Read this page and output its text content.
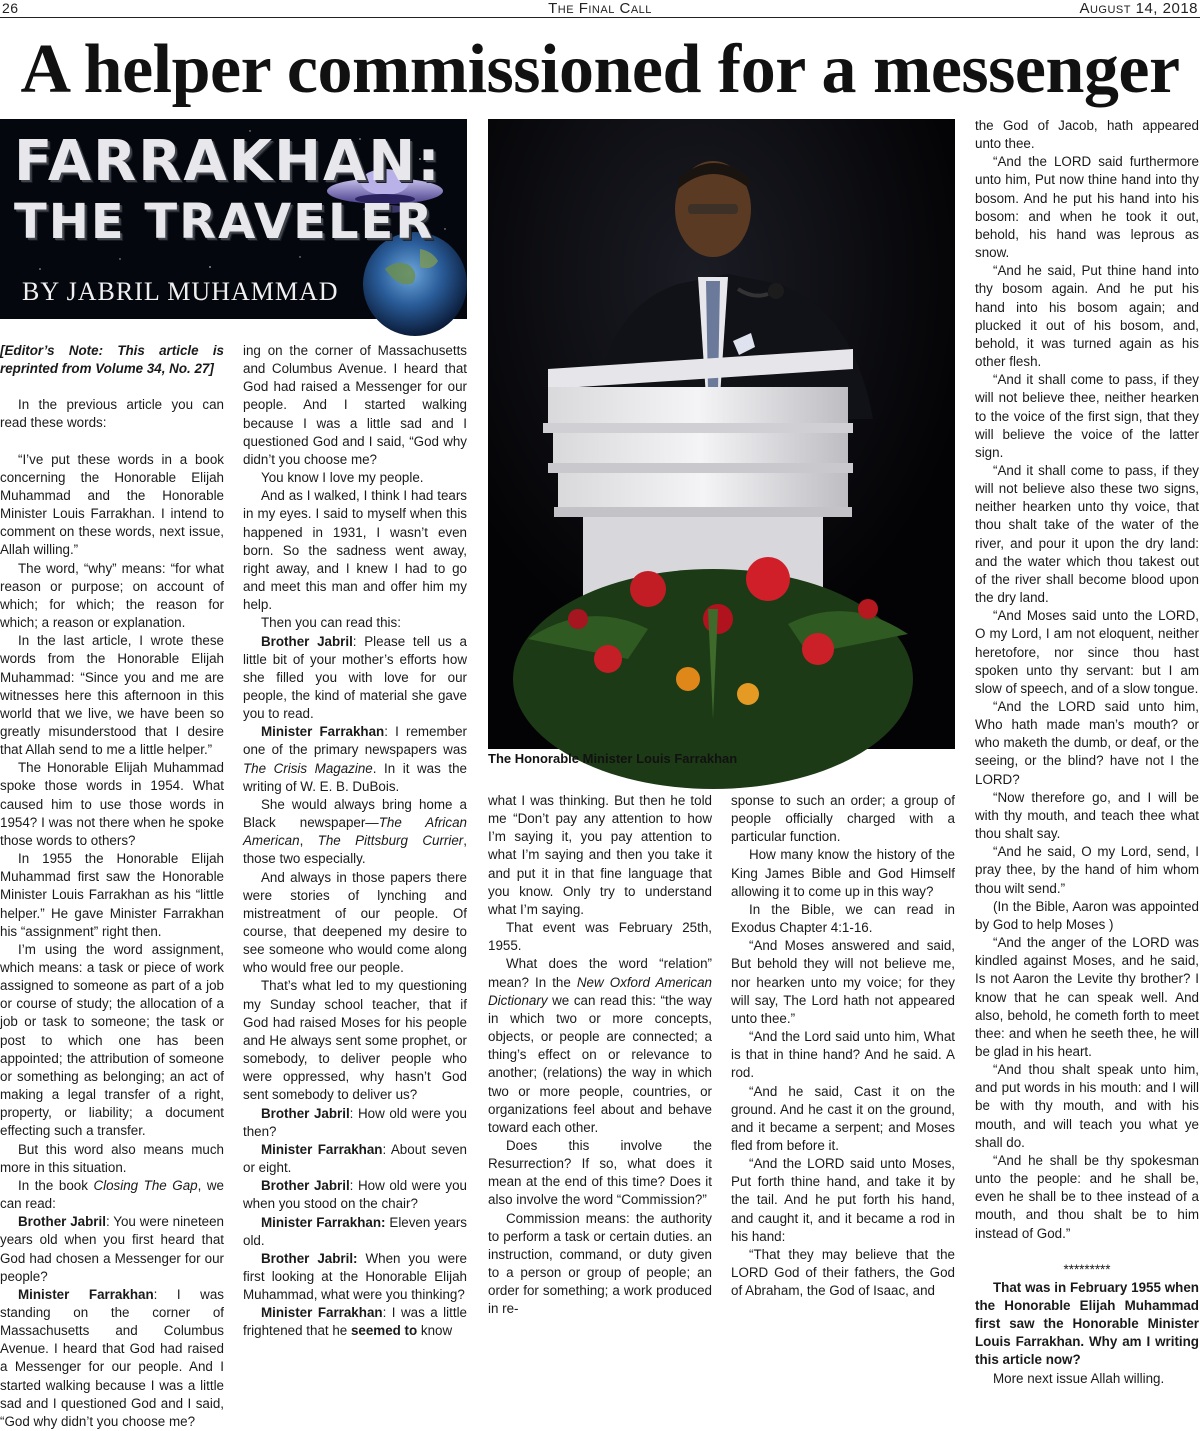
26	The Final Call	August 14, 2018
A helper commissioned for a messenger
FARRAKHAN:
THE TRAVELER
BY JABRIL MUHAMMAD
The Honorable Minister Louis Farrakhan

[Editor’s Note: This article is reprinted from Volume 34, No. 27]

In the previous article you can read these words:

“I’ve put these words in a book concerning the Honorable Elijah Muhammad and the Honorable Minister Louis Farrakhan. I intend to comment on these words, next issue, Allah willing.”

The word, “why” means: “for what reason or purpose; on account of which; for which; the reason for which; a reason or explanation.

In the last article, I wrote these words from the Honorable Elijah Muhammad: “Since you and me are witnesses here this afternoon in this world that we live, we have been so greatly misunderstood that I desire that Allah send to me a little helper.”

The Honorable Elijah Muhammad spoke those words in 1954. What caused him to use those words in 1954? I was not there when he spoke those words to others?

In 1955 the Honorable Elijah Muhammad first saw the Honorable Minister Louis Farrakhan as his “little helper.” He gave Minister Farrakhan his “assignment” right then.

I’m using the word assignment, which means: a task or piece of work assigned to someone as part of a job or course of study; the allocation of a job or task to someone; the task or post to which one has been appointed; the attribution of someone or something as belonging; an act of making a legal transfer of a right, property, or liability; a document effecting such a transfer.

But this word also means much more in this situation.

In the book Closing The Gap, we can read:

Brother Jabril: You were nineteen years old when you first heard that God had chosen a Messenger for our people?

Minister Farrakhan: I was standing on the corner of Massachusetts and Columbus Avenue. I heard that God had raised a Messenger for our people. And I started walking because I was a little sad and I questioned God and I said, “God why didn’t you choose me?

ing on the corner of Massachusetts and Columbus Avenue. I heard that God had raised a Messenger for our people. And I started walking because I was a little sad and I questioned God and I said, “God why didn’t you choose me?

You know I love my people.

And as I walked, I think I had tears in my eyes. I said to myself when this happened in 1931, I wasn’t even born. So the sadness went away, right away, and I knew I had to go and meet this man and offer him my help.

Then you can read this:

Brother Jabril: Please tell us a little bit of your mother’s efforts how she filled you with love for our people, the kind of material she gave you to read.

Minister Farrakhan: I remember one of the primary newspapers was The Crisis Magazine. In it was the writing of W. E. B. DuBois.

She would always bring home a Black newspaper—The African American, The Pittsburg Currier, those two especially.

And always in those papers there were stories of lynching and mistreatment of our people. Of course, that deepened my desire to see someone who would come along who would free our people.

That’s what led to my questioning my Sunday school teacher, that if God had raised Moses for his people and He always sent some prophet, or somebody, to deliver people who were oppressed, why hasn’t God sent somebody to deliver us?

Brother Jabril: How old were you then?

Minister Farrakhan: About seven or eight.

Brother Jabril: How old were you when you stood on the chair?

Minister Farrakhan: Eleven years old.

Brother Jabril: When you were first looking at the Honorable Elijah Muhammad, what were you thinking?

Minister Farrakhan: I was a little frightened that he seemed to know

what I was thinking. But then he told me “Don’t pay any attention to how I’m saying it, you pay attention to what I’m saying and then you take it and put it in that fine language that you know. Only try to understand what I’m saying.

That event was February 25th, 1955.

What does the word “relation” mean? In the New Oxford American Dictionary we can read this: “the way in which two or more concepts, objects, or people are connected; a thing’s effect on or relevance to another; (relations) the way in which two or more people, countries, or organizations feel about and behave toward each other.

Does this involve the Resurrection? If so, what does it mean at the end of this time? Does it also involve the word “Commission?”

Commission means: the authority to perform a task or certain duties. an instruction, command, or duty given to a person or group of people; an order for something; a work produced in re-

sponse to such an order; a group of people officially charged with a particular function.

How many know the history of the King James Bible and God Himself allowing it to come up in this way?

In the Bible, we can read in Exodus Chapter 4:1-16.

“And Moses answered and said, But behold they will not believe me, nor hearken unto my voice; for they will say, The Lord hath not appeared unto thee.”

“And the Lord said unto him, What is that in thine hand? And he said. A rod.

“And he said, Cast it on the ground. And he cast it on the ground, and it became a serpent; and Moses fled from before it.

“And the LORD said unto Moses, Put forth thine hand, and take it by the tail. And he put forth his hand, and caught it, and it became a rod in his hand:

“That they may believe that the LORD God of their fathers, the God of Abraham, the God of Isaac, and

the God of Jacob, hath appeared unto thee.

“And the LORD said furthermore unto him, Put now thine hand into thy bosom. And he put his hand into his bosom: and when he took it out, behold, his hand was leprous as snow.

“And he said, Put thine hand into thy bosom again. And he put his hand into his bosom again; and plucked it out of his bosom, and, behold, it was turned again as his other flesh.

“And it shall come to pass, if they will not believe thee, neither hearken to the voice of the first sign, that they will believe the voice of the latter sign.

“And it shall come to pass, if they will not believe also these two signs, neither hearken unto thy voice, that thou shalt take of the water of the river, and pour it upon the dry land: and the water which thou takest out of the river shall become blood upon the dry land.

“And Moses said unto the LORD, O my Lord, I am not eloquent, neither heretofore, nor since thou hast spoken unto thy servant: but I am slow of speech, and of a slow tongue.

“And the LORD said unto him, Who hath made man’s mouth? or who maketh the dumb, or deaf, or the seeing, or the blind? have not I the LORD?

“Now therefore go, and I will be with thy mouth, and teach thee what thou shalt say.

“And he said, O my Lord, send, I pray thee, by the hand of him whom thou wilt send.”

(In the Bible, Aaron was appointed by God to help Moses )

“And the anger of the LORD was kindled against Moses, and he said, Is not Aaron the Levite thy brother? I know that he can speak well. And also, behold, he cometh forth to meet thee: and when he seeth thee, he will be glad in his heart.

“And thou shalt speak unto him, and put words in his mouth: and I will be with thy mouth, and with his mouth, and will teach you what ye shall do.

“And he shall be thy spokesman unto the people: and he shall be, even he shall be to thee instead of a mouth, and thou shalt be to him instead of God.”

*********

That was in February 1955 when the Honorable Elijah Muhammad first saw the Honorable Minister Louis Farrakhan. Why am I writing this article now?

More next issue Allah willing.
